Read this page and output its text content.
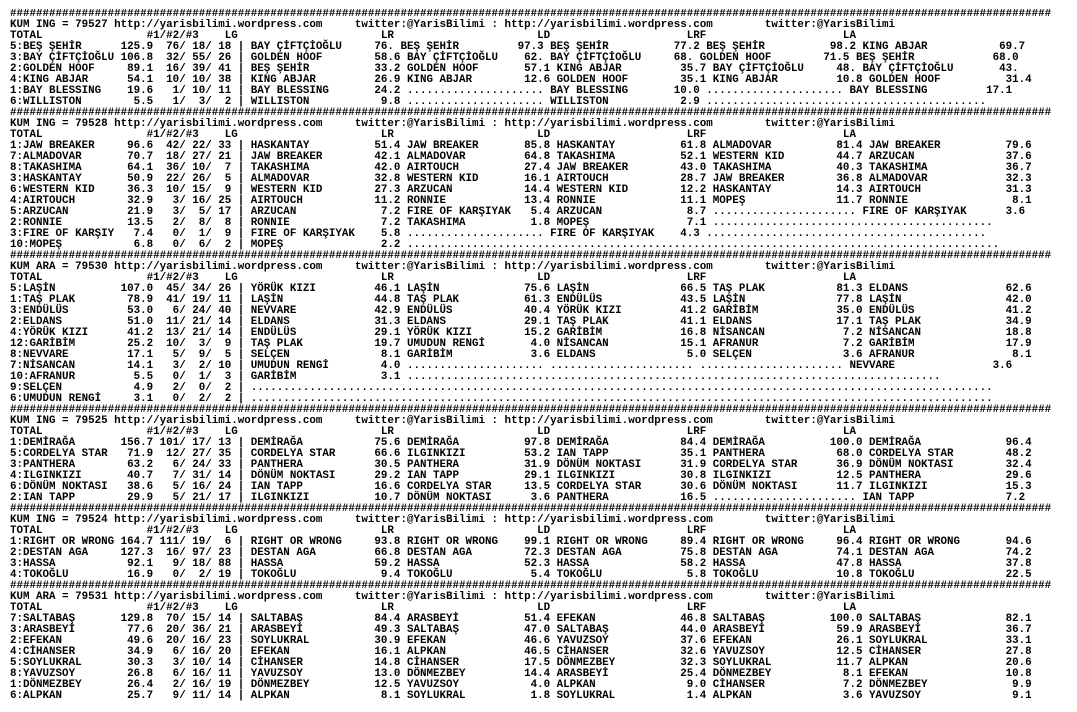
################################################################################################################################################################
KUM ING = 79527 http://yarisbilimi.wordpress.com     twitter:@YarisBilimi : http://yarisbilimi.wordpress.com        twitter:@YarisBilimi
TOTAL                #1/#2/#3    LG                      LR                      LD                     LRF                     LA
5:BEŞ ŞEHİR      125.9  76/ 18/ 18 | BAY ÇİFTÇİOĞLU     76. BEŞ ŞEHİR         97.3 BEŞ ŞEHİR          77.2 BEŞ ŞEHİR          98.2 KING ABJAR           69.7
3:BAY ÇİFTÇİOĞLU 106.8  32/ 55/ 26 | GOLDEN HOOF        58.6 BAY ÇİFTÇİOĞLU    62. BAY ÇİFTÇİOĞLU     68. GOLDEN HOOF        71.5 BEŞ ŞEHİR            68.0
2:GOLDEN HOOF     89.1  16/ 39/ 41 | BEŞ ŞEHİR          33.2 GOLDEN HOOF       57.1 KING ABJAR         35.7 BAY ÇİFTÇİOĞLU     48. BAY ÇİFTÇİOĞLU       43.
4:KING ABJAR      54.1  10/ 10/ 38 | KING ABJAR         26.9 KING ABJAR        12.6 GOLDEN HOOF        35.1 KING ABJAR         10.8 GOLDEN HOOF          31.4
1:BAY BLESSING    19.6   1/ 10/ 11 | BAY BLESSING       24.2 ..................... BAY BLESSING       10.0 ..................... BAY BLESSING         17.1
6:WILLISTON        5.5   1/  3/  2 | WILLISTON           9.8 ..................... WILLISTON           2.9 ...........................................
################################################################################################################################################################
KUM ING = 79528 http://yarisbilimi.wordpress.com     twitter:@YarisBilimi : http://yarisbilimi.wordpress.com        twitter:@YarisBilimi
TOTAL                #1/#2/#3    LG                      LR                      LD                     LRF                     LA
1:JAW BREAKER     96.6  42/ 22/ 33 | HASKANTAY          51.4 JAW BREAKER       85.8 HASKANTAY          61.8 ALMADOVAR          81.4 JAW BREAKER          79.6
7:ALMADOVAR       70.7  18/ 27/ 21 | JAW BREAKER        42.1 ALMADOVAR         64.8 TAKASHIMA          52.1 WESTERN KID        44.7 ARZUCAN              37.6
8:TAKASHIMA       64.1  36/ 10/  7 | TAKASHIMA          42.0 AIRTOUCH          27.4 JAW BREAKER        43.0 TAKASHIMA          40.3 TAKASHIMA            36.7
3:HASKANTAY       50.9  22/ 26/  5 | ALMADOVAR          32.8 WESTERN KID       16.1 AIRTOUCH           28.7 JAW BREAKER        36.8 ALMADOVAR            32.3
6:WESTERN KID     36.3  10/ 15/  9 | WESTERN KID        27.3 ARZUCAN           14.4 WESTERN KID        12.2 HASKANTAY          14.3 AIRTOUCH             31.3
4:AIRTOUCH        32.9   3/ 16/ 25 | AIRTOUCH           11.2 RONNIE            13.4 RONNIE             11.1 MOPEŞ              11.7 RONNIE                8.1
5:ARZUCAN         21.9   3/  5/ 17 | ARZUCAN             7.2 FIRE OF KARŞIYAK   5.4 ARZUCAN             8.7 ...................... FIRE OF KARŞIYAK      3.6
2:RONNIE          13.5   2/  8/  8 | RONNIE              7.2 TAKASHIMA          1.8 MOPEŞ               7.1 ...........................................
3:FIRE OF KARŞIY   7.4   0/  1/  9 | FIRE OF KARŞIYAK    5.8 ..................... FIRE OF KARŞIYAK    4.3 ...........................................
10:MOPEŞ           6.8   0/  6/  2 | MOPEŞ               2.2 ...........................................................................................
################################################################################################################################################################
KUM ARA = 79530 http://yarisbilimi.wordpress.com     twitter:@YarisBilimi : http://yarisbilimi.wordpress.com        twitter:@YarisBilimi
TOTAL                #1/#2/#3    LG                      LR                      LD                     LRF                     LA
5:LAŞİN          107.0  45/ 34/ 26 | YÖRÜK KIZI         46.1 LAŞİN             75.6 LAŞİN              66.5 TAŞ PLAK           81.3 ELDANS               62.6
1:TAŞ PLAK        78.9  41/ 19/ 11 | LAŞİN              44.8 TAŞ PLAK          61.3 ENDÜLÜS            43.5 LAŞİN              77.8 LAŞİN                42.0
3:ENDÜLÜS         53.0   6/ 24/ 40 | NEVVARE            42.9 ENDÜLÜS           40.4 YÖRÜK KIZI         41.2 GARİBİM            35.0 ENDÜLÜS              41.2
2:ELDANS          51.0  11/ 21/ 14 | ELDANS             31.3 ELDANS            29.1 TAŞ PLAK           41.1 ELDANS             17.1 TAŞ PLAK             34.9
4:YÖRÜK KIZI      41.2  13/ 21/ 14 | ENDÜLÜS            29.1 YÖRÜK KIZI        15.2 GARİBİM            16.8 NİSANCAN            7.2 NİSANCAN             18.8
12:GARİBİM        25.2  10/  3/  9 | TAŞ PLAK           19.7 UMUDUN RENGİ       4.0 NİSANCAN           15.1 AFRANUR             7.2 GARİBİM              17.9
8:NEVVARE         17.1   5/  9/  5 | SELÇEN              8.1 GARİBİM            3.6 ELDANS              5.0 SELÇEN              3.6 AFRANUR               8.1
7:NİSANCAN        14.1   3/  2/ 10 | UMUDUN RENGİ        4.0 ..................... ...................... ...................... NEVVARE               3.6
10:AFRANUR         5.5   0/  1/  3 | GARİBİM             3.1 ..................................................................................
9:SELÇEN           4.9   2/  0/  2 | ..................................................................................................................
6:UMUDUN RENGİ     3.1   0/  2/  2 | ..................................................................................................................
################################################################################################################################################################
KUM ING = 79525 http://yarisbilimi.wordpress.com     twitter:@YarisBilimi : http://yarisbilimi.wordpress.com        twitter:@YarisBilimi
TOTAL                #1/#2/#3    LG                      LR                      LD                     LRF                     LA
1:DEMİRAĞA       156.7 101/ 17/ 13 | DEMİRAĞA           75.6 DEMİRAĞA          97.8 DEMİRAĞA           84.4 DEMİRAĞA          100.0 DEMİRAĞA             96.4
5:CORDELYA STAR   71.9  12/ 27/ 35 | CORDELYA STAR      66.6 ILGINKIZI         53.2 IAN TAPP           35.1 PANTHERA           68.0 CORDELYA STAR        48.2
3:PANTHERA        63.2   6/ 24/ 33 | PANTHERA           30.5 PANTHERA          31.9 DÖNÜM NOKTASI      31.9 CORDELYA STAR      36.9 DÖNÜM NOKTASI        32.4
4:ILGINKIZI       40.7   7/ 31/ 14 | DÖNÜM NOKTASI      29.2 IAN TAPP          29.1 ILGINKIZI          30.8 ILGINKIZI          12.5 PANTHERA             29.6
6:DÖNÜM NOKTASI   38.6   5/ 16/ 24 | IAN TAPP           16.6 CORDELYA STAR     13.5 CORDELYA STAR      30.6 DÖNÜM NOKTASI      11.7 ILGINKIZI            15.3
2:IAN TAPP        29.9   5/ 21/ 17 | ILGINKIZI          10.7 DÖNÜM NOKTASI      3.6 PANTHERA           16.5 ...................... IAN TAPP              7.2
################################################################################################################################################################
KUM ING = 79524 http://yarisbilimi.wordpress.com     twitter:@YarisBilimi : http://yarisbilimi.wordpress.com        twitter:@YarisBilimi
TOTAL                #1/#2/#3    LG                      LR                      LD                     LRF                     LA
1:RIGHT OR WRONG 164.7 111/ 19/  6 | RIGHT OR WRONG     93.8 RIGHT OR WRONG    99.1 RIGHT OR WRONG     89.4 RIGHT OR WRONG     96.4 RIGHT OR WRONG       94.6
2:DESTAN AGA     127.3  16/ 97/ 23 | DESTAN AGA         66.8 DESTAN AGA        72.3 DESTAN AGA         75.8 DESTAN AGA         74.1 DESTAN AGA           74.2
3:HASSA           92.1   9/ 18/ 88 | HASSA              59.2 HASSA             52.3 HASSA              58.2 HASSA              47.8 HASSA                37.8
4:TOKOĞLU         16.9   0/  2/ 19 | TOKOĞLU             9.4 TOKOĞLU            5.4 TOKOĞLU             5.8 TOKOĞLU            10.8 TOKOĞLU              22.5
################################################################################################################################################################
KUM ARA = 79531 http://yarisbilimi.wordpress.com     twitter:@YarisBilimi : http://yarisbilimi.wordpress.com        twitter:@YarisBilimi
TOTAL                #1/#2/#3    LG                      LR                      LD                     LRF                     LA
7:SALTABAŞ       129.8  70/ 15/ 14 | SALTABAŞ           84.4 ARASBEYİ          51.4 EFEKAN             46.8 SALTABAŞ          100.0 SALTABAŞ             82.1
3:ARASBEYİ        77.6  20/ 36/ 21 | ARASBEYİ           49.3 SALTABAŞ          47.0 SALTABAŞ           44.0 ARASBEYİ           59.9 ARASBEYİ             36.7
2:EFEKAN          49.6  20/ 16/ 23 | SOYLUKRAL          30.9 EFEKAN            46.6 YAVUZSOY           37.6 EFEKAN             26.1 SOYLUKRAL            33.1
4:CİHANSER        34.9   6/ 16/ 20 | EFEKAN             16.1 ALPKAN            46.5 CİHANSER           32.6 YAVUZSOY           12.5 CİHANSER             27.8
5:SOYLUKRAL       30.3   3/ 10/ 14 | CİHANSER           14.8 CİHANSER          17.5 DÖNMEZBEY          32.3 SOYLUKRAL          11.7 ALPKAN               20.6
8:YAVUZSOY        26.8   6/ 16/ 11 | YAVUZSOY           13.0 DÖNMEZBEY         14.4 ARASBEYİ           25.4 DÖNMEZBEY           8.1 EFEKAN               10.8
1:DÖNMEZBEY       26.4   2/ 16/ 19 | DÖNMEZBEY          12.5 YAVUZSOY           4.0 ALPKAN              9.0 CİHANSER            7.2 DÖNMEZBEY             9.9
6:ALPKAN          25.7   9/ 11/ 14 | ALPKAN              8.1 SOYLUKRAL          1.8 SOYLUKRAL           1.4 ALPKAN              3.6 YAVUZSOY              9.1
